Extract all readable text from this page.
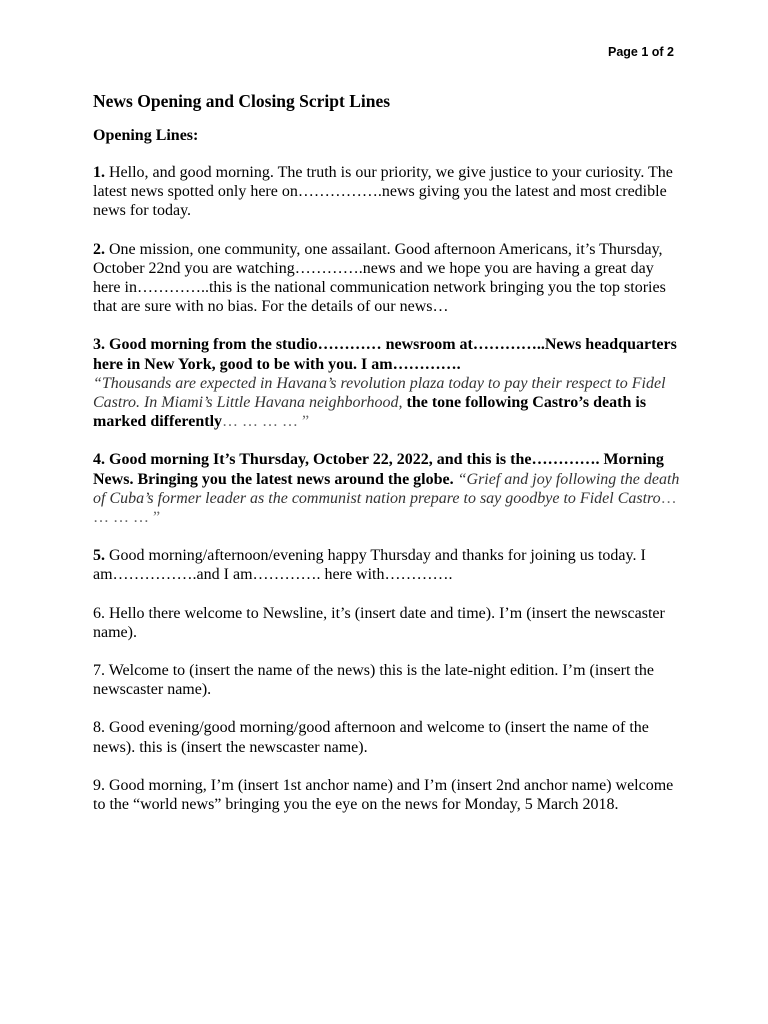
Page 1 of 2
News Opening and Closing Script Lines
Opening Lines:
1. Hello, and good morning. The truth is our priority, we give justice to your curiosity. The latest news spotted only here on…………….news giving you the latest and most credible news for today.
2. One mission, one community, one assailant. Good afternoon Americans, it’s Thursday, October 22nd you are watching………….news and we hope you are having a great day here in…………..this is the national communication network bringing you the top stories that are sure with no bias. For the details of our news…
3. Good morning from the studio………… newsroom at…………..News headquarters here in New York, good to be with you. I am………….
“Thousands are expected in Havana’s revolution plaza today to pay their respect to Fidel Castro. In Miami’s Little Havana neighborhood, the tone following Castro’s death is marked differently… … … … ”
4. Good morning It’s Thursday, October 22, 2022, and this is the…………. Morning News. Bringing you the latest news around the globe. “Grief and joy following the death of Cuba’s former leader as the communist nation prepare to say goodbye to Fidel Castro… … … … ”
5. Good morning/afternoon/evening happy Thursday and thanks for joining us today. I am…………….and I am…………. here with………….
6. Hello there welcome to Newsline, it’s (insert date and time). I’m (insert the newscaster name).
7. Welcome to (insert the name of the news) this is the late-night edition. I’m (insert the newscaster name).
8. Good evening/good morning/good afternoon and welcome to (insert the name of the news). this is (insert the newscaster name).
9. Good morning, I’m (insert 1st anchor name) and I’m (insert 2nd anchor name) welcome to the “world news” bringing you the eye on the news for Monday, 5 March 2018.
